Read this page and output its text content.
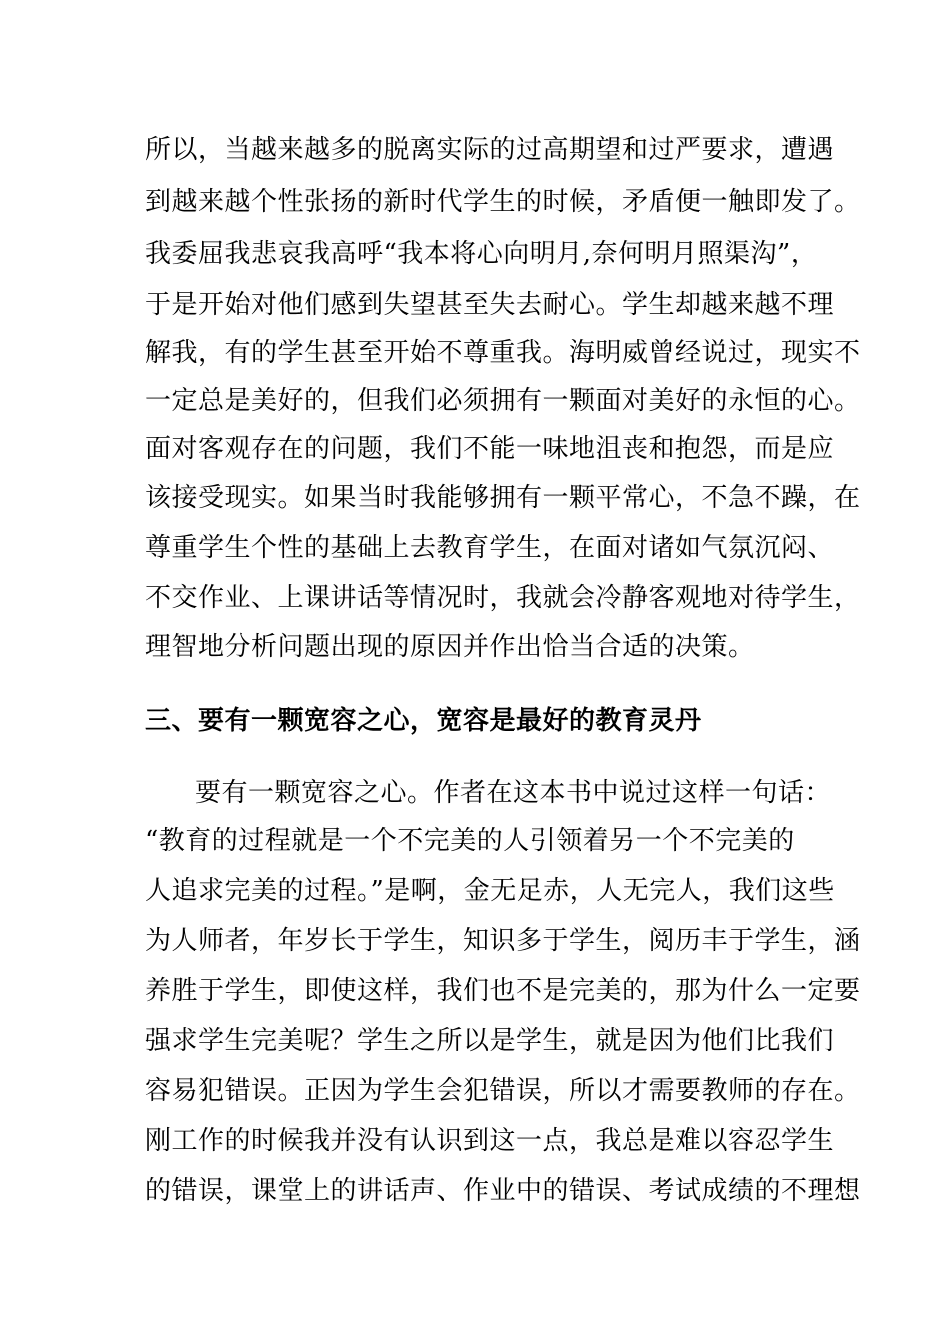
所以，当越来越多的脱离实际的过高期望和过严要求，遭遇
到越来越个性张扬的新时代学生的时候，矛盾便一触即发了。
我委屈我悲哀我高呼“我本将心向明月,奈何明月照渠沟”，
于是开始对他们感到失望甚至失去耐心。学生却越来越不理
解我，有的学生甚至开始不尊重我。海明威曾经说过，现实不
一定总是美好的，但我们必须拥有一颗面对美好的永恒的心。
面对客观存在的问题，我们不能一味地沮丧和抱怨，而是应
该接受现实。如果当时我能够拥有一颗平常心，不急不躁，在
尊重学生个性的基础上去教育学生，在面对诸如气氛沉闷、
不交作业、上课讲话等情况时，我就会冷静客观地对待学生，
理智地分析问题出现的原因并作出恰当合适的决策。
三、要有一颗宽容之心，宽容是最好的教育灵丹
要有一颗宽容之心。作者在这本书中说过这样一句话：
“教育的过程就是一个不完美的人引领着另一个不完美的
人追求完美的过程。”是啊，金无足赤，人无完人，我们这些
为人师者，年岁长于学生，知识多于学生，阅历丰于学生，涵
养胜于学生，即使这样，我们也不是完美的，那为什么一定要
强求学生完美呢？学生之所以是学生，就是因为他们比我们
容易犯错误。正因为学生会犯错误，所以才需要教师的存在。
刚工作的时候我并没有认识到这一点，我总是难以容忍学生
的错误，课堂上的讲话声、作业中的错误、考试成绩的不理想
